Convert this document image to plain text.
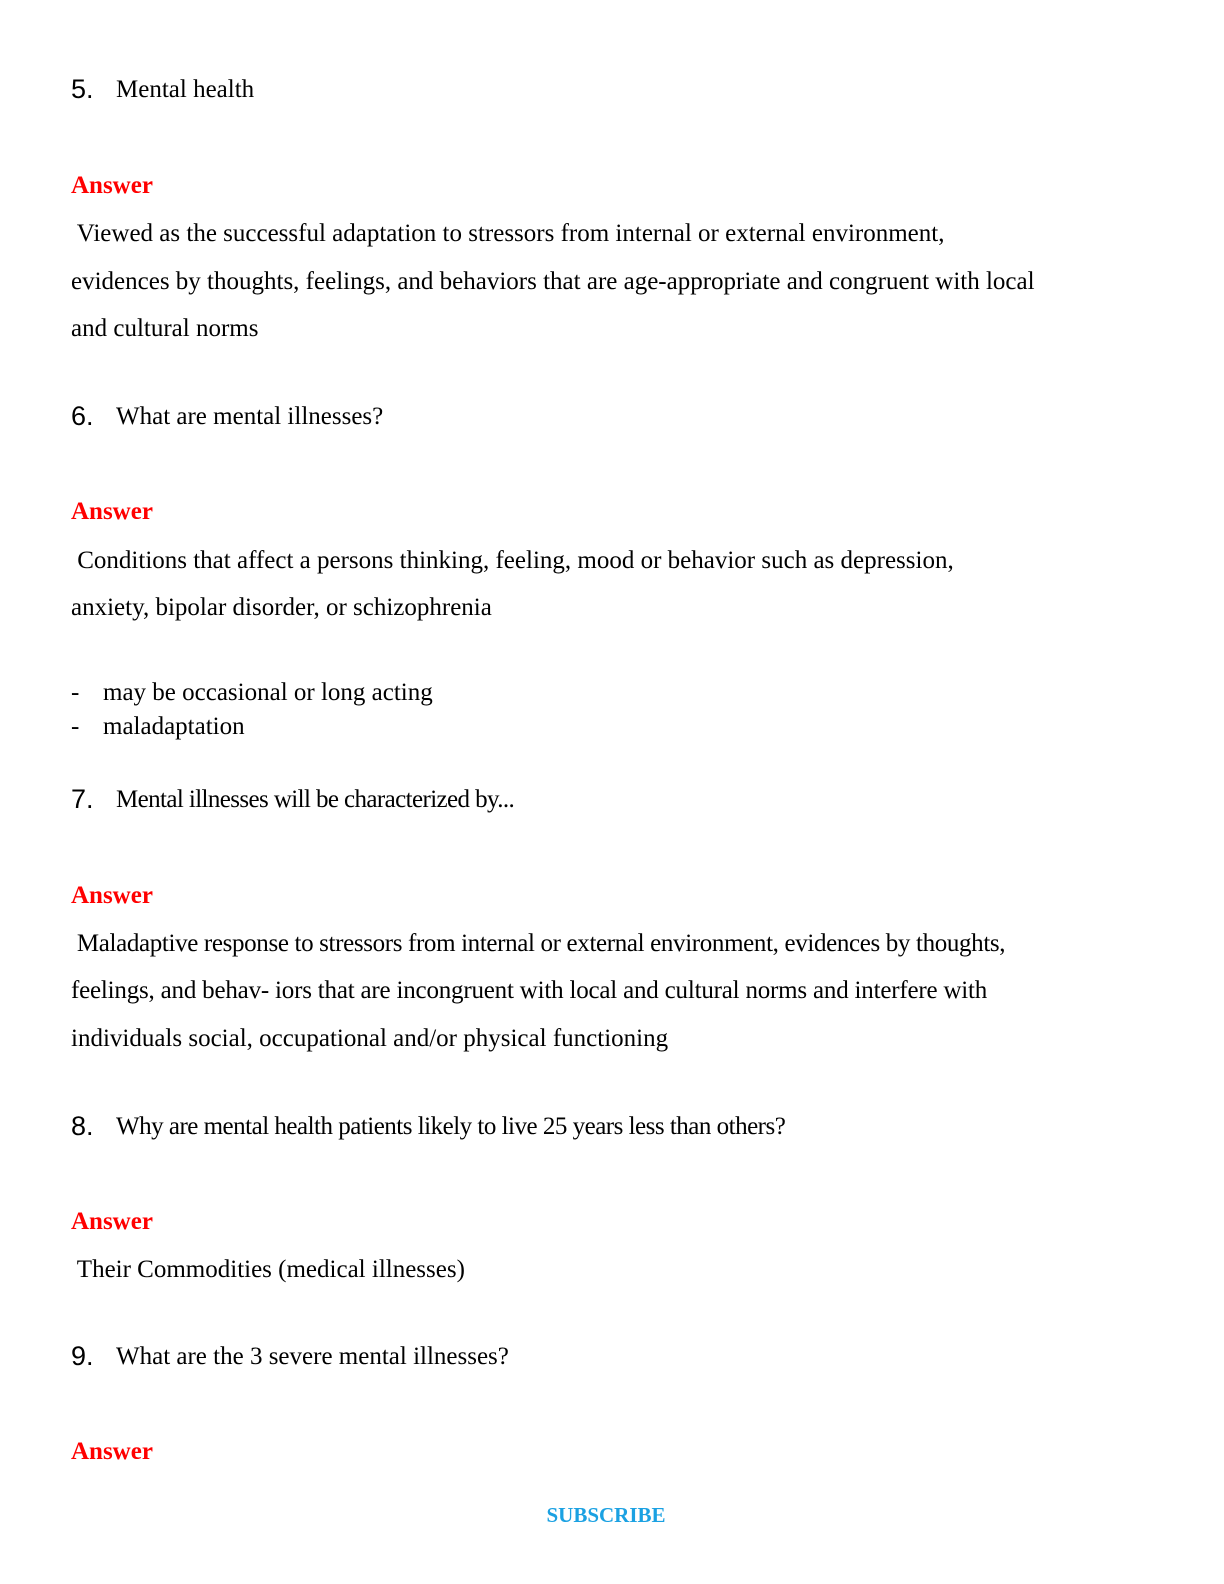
5. Mental health
Answer
Viewed as the successful adaptation to stressors from internal or external environment,
evidences by thoughts, feelings, and behaviors that are age-appropriate and congruent with local
and cultural norms
6. What are mental illnesses?
Answer
Conditions that affect a persons thinking, feeling, mood or behavior such as depression,
anxiety, bipolar disorder, or schizophrenia
- may be occasional or long acting
- maladaptation
7. Mental illnesses will be characterized by...
Answer
Maladaptive response to stressors from internal or external environment, evidences by thoughts,
feelings, and behav- iors that are incongruent with local and cultural norms and interfere with
individuals social, occupational and/or physical functioning
8. Why are mental health patients likely to live 25 years less than others?
Answer
Their Commodities (medical illnesses)
9. What are the 3 severe mental illnesses?
Answer
SUBSCRIBE
